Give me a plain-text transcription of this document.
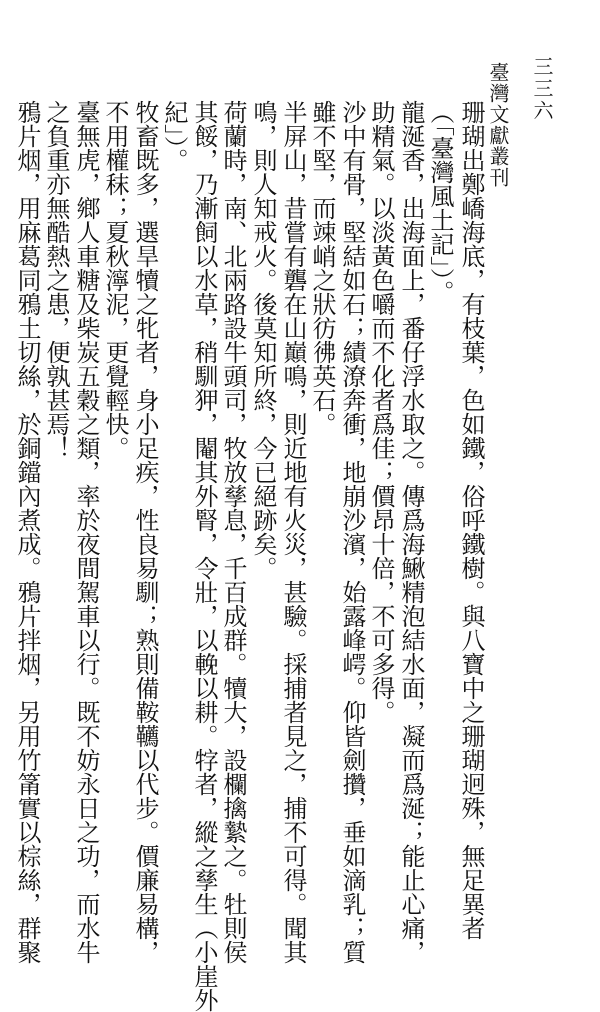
三三六
臺灣文獻叢刊
珊瑚出鄭嶠海底，有枝葉，色如鐵，俗呼鐵樹。與八寶中之珊瑚迥殊，無足異者
（「臺灣風土記」）。
龍涎香，出海面上，番仔浮水取之。傳爲海鰍精泡結水面，凝而爲涎；能止心痛，
助精氣。以淡黃色嚼而不化者爲佳；價昂十倍，不可多得。
沙中有骨，堅結如石；績潦奔衝，地崩沙濱，始露峰崿。仰皆劍攢，垂如滴乳；質
雖不堅，而竦峭之狀彷彿英石。
半屏山，昔嘗有礱在山巔鳴，則近地有火災，甚驗。採捕者見之，捕不可得。聞其
鳴，則人知戒火。後莫知所終，今已絕跡矣。
荷蘭時，南、北兩路設牛頭司，牧放孳息，千百成群。犢大，設欄擒縶之。牡則侯
其餒，乃漸飼以水草，稍馴狎，閹其外腎，令壯，以輓以耕。牸者，縱之孳生（小崖外
紀」）。
牧畜既多，選旱犢之牝者，身小足疾，性良易馴；熟則備鞍韉以代步。價廉易構，
不用權秣；夏秋濘泥，更覺輕快。
臺無虎，鄉人車糖及柴炭五穀之類，率於夜間駕車以行。既不妨永日之功，而水牛
之負重亦無酷熱之患，便孰甚焉！
鴉片烟，用麻葛同鴉土切絲，於銅鐺內煮成。鴉片拌烟，另用竹筩實以棕絲，群聚
